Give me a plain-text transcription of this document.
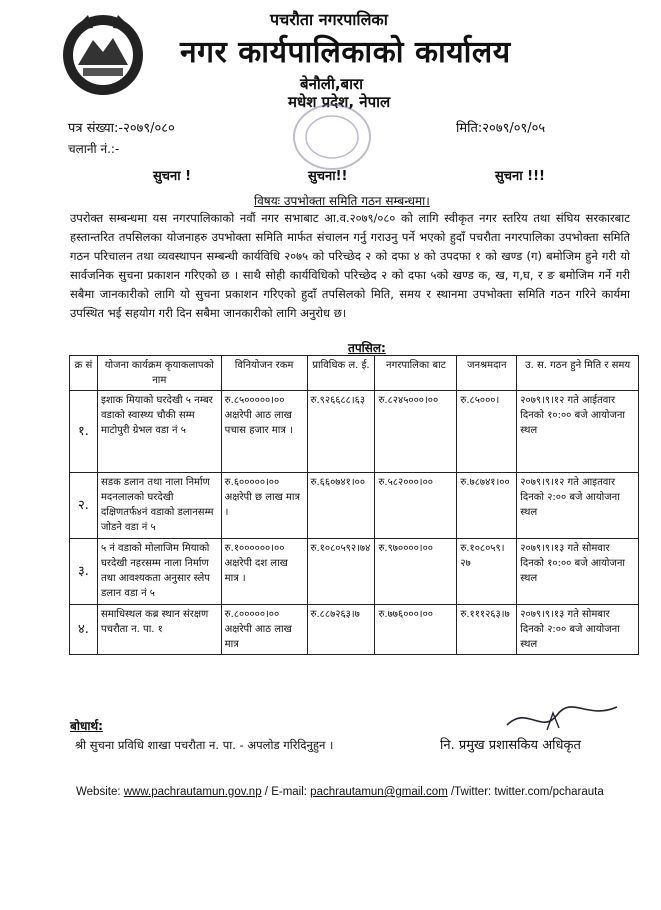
पचरौता नगरपालिका
नगर कार्यपालिकाको कार्यालय
बेनौली,बारा
मधेश प्रदेश, नेपाल
पत्र संख्या:-२०७९/०८०	मिति:२०७९/०९/०५
चलानी नं.:-
सुचना !	सुचना!!	सुचना !!!
विषयः उपभोक्ता समिति गठन सम्बन्धमा।
उपरोक्त सम्बन्धमा यस नगरपालिकाको नवौं नगर सभाबाट आ.व.२०७९/०८० को लागि स्वीकृत नगर स्तरिय तथा संघिय सरकारबाट हस्तान्तरित तपसिलका योजनाहरु उपभोक्ता समिति मार्फत संचालन गर्नु गराउनु पर्ने भएको हुदाँ पचरौता नगरपालिका उपभोक्ता समिति गठन परिचालन तथा व्यवस्थापन सम्बन्धी कार्यविधि २०७५ को परिच्छेद २ को दफा ४ को उपदफा १ को खण्ड (ग) बमोजिम हुने गरी यो सार्वजनिक सुचना प्रकाशन गरिएको छ । साथै सोही कार्यविधिको परिच्छेद २ को दफा ५को खण्ड क, ख, ग,घ, र ङ बमोजिम गर्ने गरी सबैमा जानकारीको लागि यो सुचना प्रकाशन गरिएको हुदाँ तपसिलको मिति, समय र स्थानमा उपभोक्ता समिति गठन गरिने कार्यमा उपस्थित भई सहयोग गरी दिन सबैमा जानकारीको लागि अनुरोध छ।
तपसिल:
क्र सं	योजना कार्यक्रम कृयाकलापको नाम	विनियोजन रकम	प्राविधिक ल. ई.	नगरपालिका बाट	जनश्रमदान	उ. स. गठन हुने मिति र समय
१.	इशाक मियाको घरदेखी ५ नम्बर वडाको स्वास्थ्य चौकी सम्म माटोपुरी ग्रेभल वडा नं ५	रु.८५०००००।०० अक्षरेपी आठ लाख पचास हजार मात्र ।	रु.९२६६८८।६३	रु.८२४५०००।००	रु.८५०००।	२०७९।९।१२ गते आईतवार दिनको १०:०० बजे आयोजना स्थल
२.	सडक डलान तथा नाला निर्माण मदनलालको घरदेखी दक्षिणतर्फ४नं वडाको डलानसम्म जोडने वडा नं ५	रु.६०००००।०० अक्षरेपी छ लाख मात्र ।	रु.६६०७४१।००	रु.५८२०००।००	रु.७८७४१।००	२०७९।९।१२ गते आइतवार दिनको २:०० बजे आयोजना स्थल
३.	५ नं वडाको मोलाजिम मियाको घरदेखी नहरसम्म नाला निर्माण तथा आवश्यकता अनुसार स्लेप डलान वडा नं ५	रु.१००००००।०० अक्षरेपी दश लाख मात्र ।	रु.१०८०५९२।७४	रु.९७००००।००	रु.१०८०५९।२७	२०७९।९।१३ गते सोमवार दिनको १०:०० बजे आयोजना स्थल
४.	समाधिस्थल कब्र स्थान संरक्षण पचरौता न. पा. १	रु.८०००००।०० अक्षरेपी आठ लाख मात्र	रु.८८७२६३।७	रु.७७६०००।००	रु.१११२६३।७	२०७९।९।१३ गते सोमबार दिनको २:०० बजे आयोजना स्थल
बोधार्थ:
श्री सुचना प्रविधि शाखा पचरौता न. पा. - अपलोड गरिदिनुहुन ।	नि. प्रमुख प्रशासकिय अधिकृत
Website: www.pachrautamun.gov.np / E-mail: pachrautamun@gmail.com /Twitter: twitter.com/pcharauta
